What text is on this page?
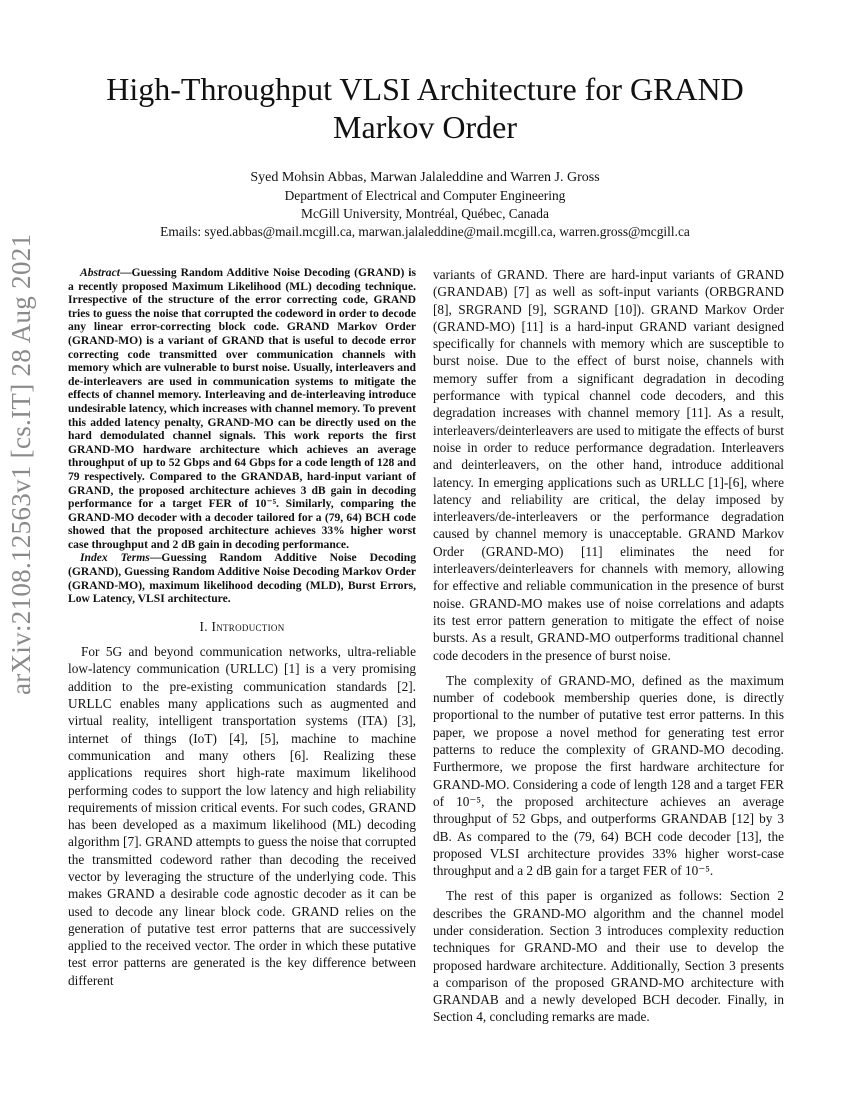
arXiv:2108.12563v1 [cs.IT] 28 Aug 2021
High-Throughput VLSI Architecture for GRAND
Markov Order
Syed Mohsin Abbas, Marwan Jalaleddine and Warren J. Gross
Department of Electrical and Computer Engineering
McGill University, Montréal, Québec, Canada
Emails: syed.abbas@mail.mcgill.ca, marwan.jalaleddine@mail.mcgill.ca, warren.gross@mcgill.ca

Abstract—Guessing Random Additive Noise Decoding (GRAND) is a recently proposed Maximum Likelihood (ML) decoding technique. Irrespective of the structure of the error correcting code, GRAND tries to guess the noise that corrupted the codeword in order to decode any linear error-correcting block code. GRAND Markov Order (GRAND-MO) is a variant of GRAND that is useful to decode error correcting code transmitted over communication channels with memory which are vulnerable to burst noise. Usually, interleavers and de-interleavers are used in communication systems to mitigate the effects of channel memory. Interleaving and de-interleaving introduce undesirable latency, which increases with channel memory. To prevent this added latency penalty, GRAND-MO can be directly used on the hard demodulated channel signals. This work reports the first GRAND-MO hardware architecture which achieves an average throughput of up to 52 Gbps and 64 Gbps for a code length of 128 and 79 respectively. Compared to the GRANDAB, hard-input variant of GRAND, the proposed architecture achieves 3 dB gain in decoding performance for a target FER of 10⁻⁵. Similarly, comparing the GRAND-MO decoder with a decoder tailored for a (79, 64) BCH code showed that the proposed architecture achieves 33% higher worst case throughput and 2 dB gain in decoding performance.

Index Terms—Guessing Random Additive Noise Decoding (GRAND), Guessing Random Additive Noise Decoding Markov Order (GRAND-MO), maximum likelihood decoding (MLD), Burst Errors, Low Latency, VLSI architecture.

I. Introduction

For 5G and beyond communication networks, ultra-reliable low-latency communication (URLLC) [1] is a very promising addition to the pre-existing communication standards [2]. URLLC enables many applications such as augmented and virtual reality, intelligent transportation systems (ITA) [3], internet of things (IoT) [4], [5], machine to machine communication and many others [6]. Realizing these applications requires short high-rate maximum likelihood performing codes to support the low latency and high reliability requirements of mission critical events. For such codes, GRAND has been developed as a maximum likelihood (ML) decoding algorithm [7]. GRAND attempts to guess the noise that corrupted the transmitted codeword rather than decoding the received vector by leveraging the structure of the underlying code. This makes GRAND a desirable code agnostic decoder as it can be used to decode any linear block code. GRAND relies on the generation of putative test error patterns that are successively applied to the received vector. The order in which these putative test error patterns are generated is the key difference between different

variants of GRAND. There are hard-input variants of GRAND (GRANDAB) [7] as well as soft-input variants (ORBGRAND [8], SRGRAND [9], SGRAND [10]). GRAND Markov Order (GRAND-MO) [11] is a hard-input GRAND variant designed specifically for channels with memory which are susceptible to burst noise. Due to the effect of burst noise, channels with memory suffer from a significant degradation in decoding performance with typical channel code decoders, and this degradation increases with channel memory [11]. As a result, interleavers/deinterleavers are used to mitigate the effects of burst noise in order to reduce performance degradation. Interleavers and deinterleavers, on the other hand, introduce additional latency. In emerging applications such as URLLC [1]-[6], where latency and reliability are critical, the delay imposed by interleavers/de-interleavers or the performance degradation caused by channel memory is unacceptable. GRAND Markov Order (GRAND-MO) [11] eliminates the need for interleavers/deinterleavers for channels with memory, allowing for effective and reliable communication in the presence of burst noise. GRAND-MO makes use of noise correlations and adapts its test error pattern generation to mitigate the effect of noise bursts. As a result, GRAND-MO outperforms traditional channel code decoders in the presence of burst noise.

The complexity of GRAND-MO, defined as the maximum number of codebook membership queries done, is directly proportional to the number of putative test error patterns. In this paper, we propose a novel method for generating test error patterns to reduce the complexity of GRAND-MO decoding. Furthermore, we propose the first hardware architecture for GRAND-MO. Considering a code of length 128 and a target FER of 10⁻⁵, the proposed architecture achieves an average throughput of 52 Gbps, and outperforms GRANDAB [12] by 3 dB. As compared to the (79, 64) BCH code decoder [13], the proposed VLSI architecture provides 33% higher worst-case throughput and a 2 dB gain for a target FER of 10⁻⁵.

The rest of this paper is organized as follows: Section 2 describes the GRAND-MO algorithm and the channel model under consideration. Section 3 introduces complexity reduction techniques for GRAND-MO and their use to develop the proposed hardware architecture. Additionally, Section 3 presents a comparison of the proposed GRAND-MO architecture with GRANDAB and a newly developed BCH decoder. Finally, in Section 4, concluding remarks are made.
